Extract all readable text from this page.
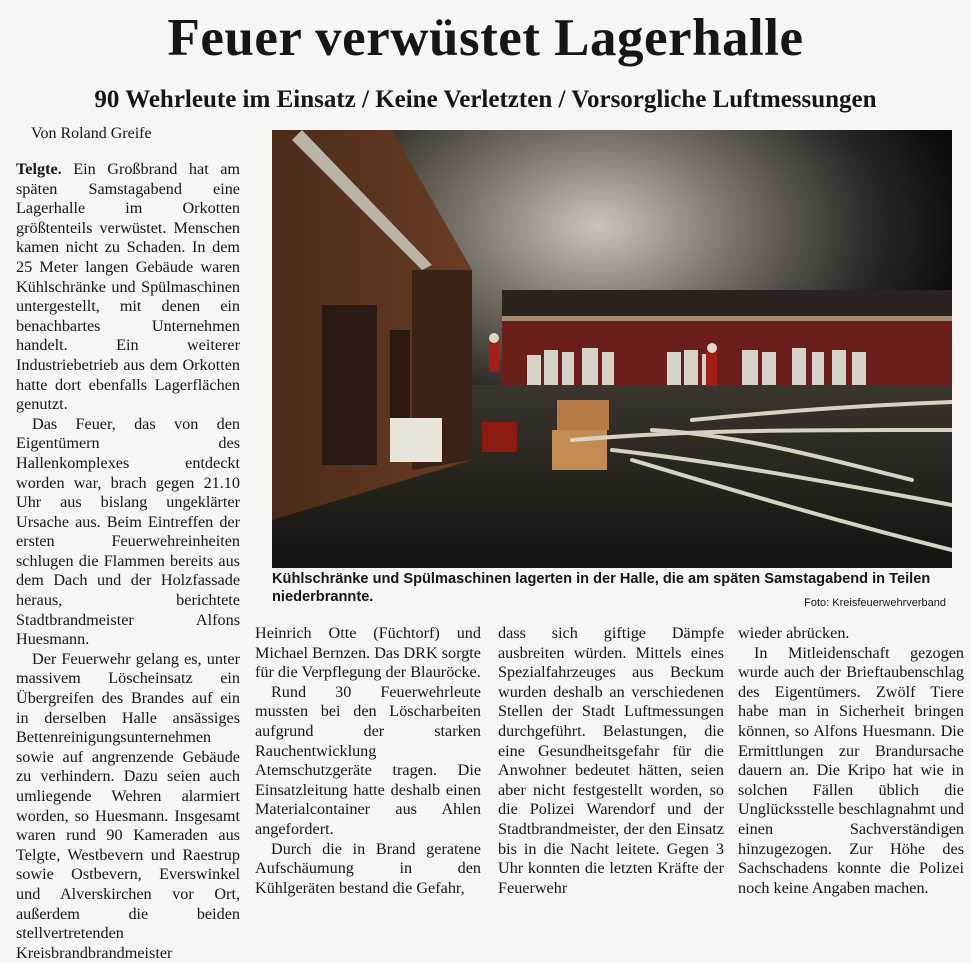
Feuer verwüstet Lagerhalle
90 Wehrleute im Einsatz / Keine Verletzten / Vorsorgliche Luftmessungen
Von Roland Greife

Telgte. Ein Großbrand hat am späten Samstagabend eine Lagerhalle im Orkotten größtenteils verwüstet. Menschen kamen nicht zu Schaden. In dem 25 Meter langen Gebäude waren Kühlschränke und Spülmaschinen untergestellt, mit denen ein benachbartes Unternehmen handelt. Ein weiterer Industriebetrieb aus dem Orkotten hatte dort ebenfalls Lagerflächen genutzt.

Das Feuer, das von den Eigentümern des Hallenkomplexes entdeckt worden war, brach gegen 21.10 Uhr aus bislang ungeklärter Ursache aus. Beim Eintreffen der ersten Feuerwehreinheiten schlugen die Flammen bereits aus dem Dach und der Holzfassade heraus, berichtete Stadtbrandmeister Alfons Huesmann.

Der Feuerwehr gelang es, unter massivem Löscheinsatz ein Übergreifen des Brandes auf ein in derselben Halle ansässiges Bettenreinigungsunternehmen sowie auf angrenzende Gebäude zu verhindern. Dazu seien auch umliegende Wehren alarmiert worden, so Huesmann. Insgesamt waren rund 90 Kameraden aus Telgte, Westbevern und Raestrup sowie Ostbevern, Everswinkel und Alverskirchen vor Ort, außerdem die beiden stellvertretenden Kreisbrandbrandmeister

Kühlschränke und Spülmaschinen lagerten in der Halle, die am späten Samstagabend in Teilen niederbrannte.	Foto: Kreisfeuerwehrverband

Heinrich Otte (Füchtorf) und Michael Bernzen. Das DRK sorgte für die Verpflegung der Blauröcke.

Rund 30 Feuerwehrleute mussten bei den Löscharbeiten aufgrund der starken Rauchentwicklung Atemschutzgeräte tragen. Die Einsatzleitung hatte deshalb einen Materialcontainer aus Ahlen angefordert.

Durch die in Brand geratene Aufschäumung in den Kühlgeräten bestand die Gefahr,

dass sich giftige Dämpfe ausbreiten würden. Mittels eines Spezialfahrzeuges aus Beckum wurden deshalb an verschiedenen Stellen der Stadt Luftmessungen durchgeführt. Belastungen, die eine Gesundheitsgefahr für die Anwohner bedeutet hätten, seien aber nicht festgestellt worden, so die Polizei Warendorf und der Stadtbrandmeister, der den Einsatz bis in die Nacht leitete. Gegen 3 Uhr konnten die letzten Kräfte der Feuerwehr

wieder abrücken.

In Mitleidenschaft gezogen wurde auch der Brieftaubenschlag des Eigentümers. Zwölf Tiere habe man in Sicherheit bringen können, so Alfons Huesmann. Die Ermittlungen zur Brandursache dauern an. Die Kripo hat wie in solchen Fällen üblich die Unglücksstelle beschlagnahmt und einen Sachverständigen hinzugezogen. Zur Höhe des Sachschadens konnte die Polizei noch keine Angaben machen.
